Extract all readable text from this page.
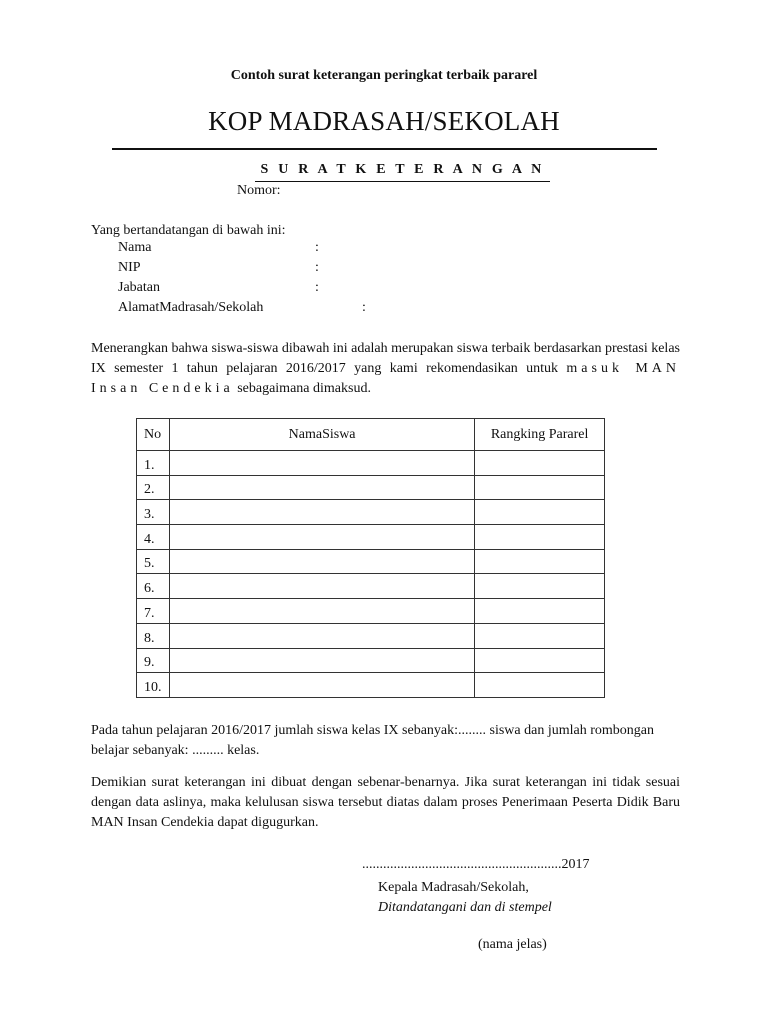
Contoh surat keterangan peringkat terbaik pararel
KOP MADRASAH/SEKOLAH
S U R A T K E T E R A N G A N
Nomor:
Yang bertandatangan di bawah ini:
Nama	:
NIP	:
Jabatan	:
AlamatMadrasah/Sekolah	:
Menerangkan bahwa siswa-siswa dibawah ini adalah merupakan siswa terbaik berdasarkan prestasi kelas IX semester 1 tahun pelajaran 2016/2017 yang kami rekomendasikan untuk masuk MAN Insan Cendekia sebagaimana dimaksud.
No	NamaSiswa	Rangking Pararel
1.		
2.		
3.		
4.		
5.		
6.		
7.		
8.		
9.		
10.		
Pada tahun pelajaran 2016/2017 jumlah siswa kelas IX sebanyak:........ siswa dan jumlah rombongan belajar sebanyak: ......... kelas.
Demikian surat keterangan ini dibuat dengan sebenar-benarnya. Jika surat keterangan ini tidak sesuai dengan data aslinya, maka kelulusan siswa tersebut diatas dalam proses Penerimaan Peserta Didik Baru MAN Insan Cendekia dapat digugurkan.
.........................................................2017
Kepala Madrasah/Sekolah,
Ditandatangani dan di stempel
(nama jelas)
